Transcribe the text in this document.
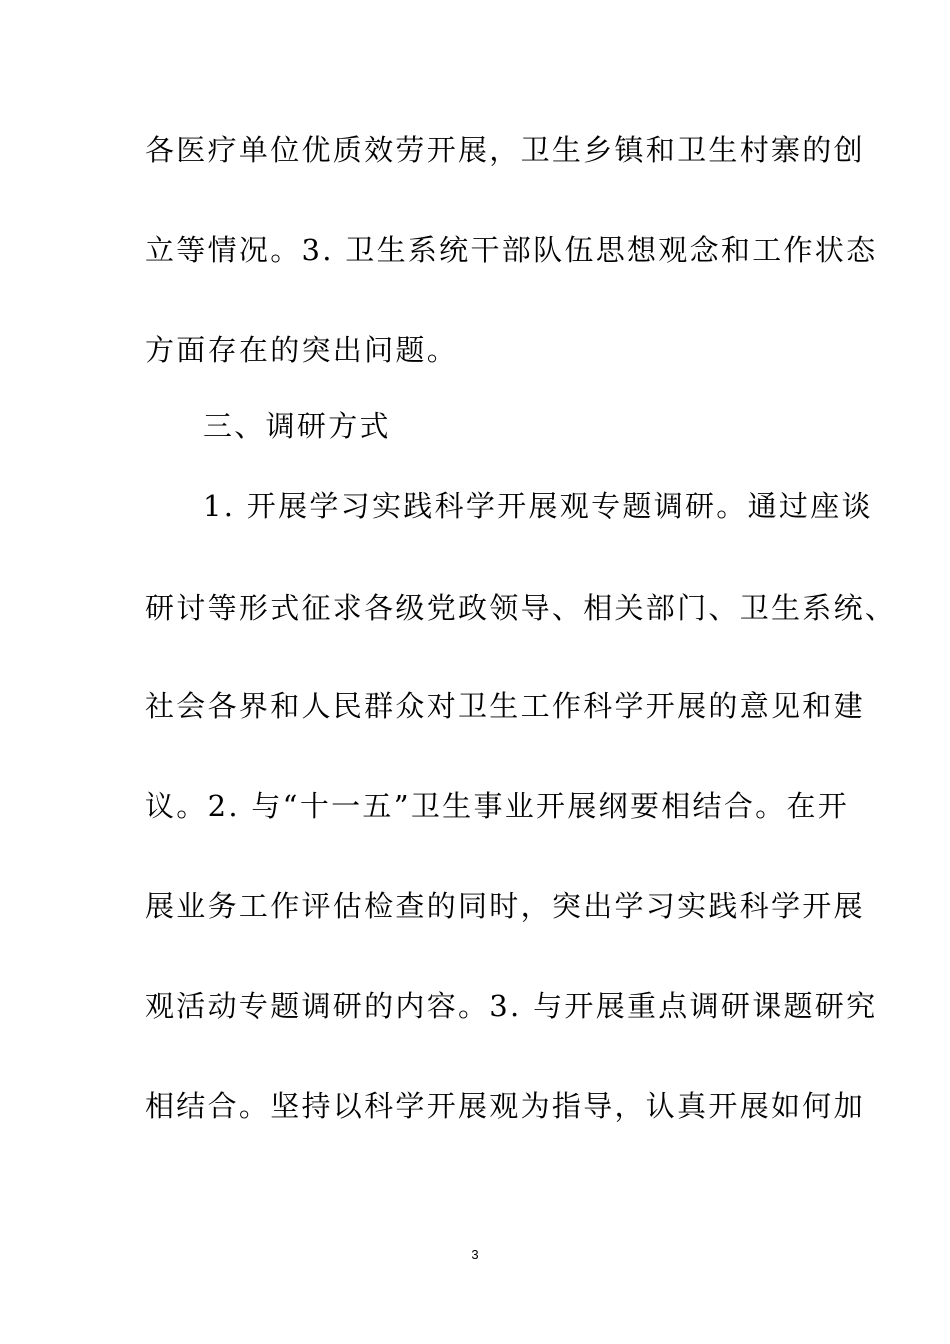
各医疗单位优质效劳开展，卫生乡镇和卫生村寨的创
立等情况。3. 卫生系统干部队伍思想观念和工作状态
方面存在的突出问题。
三、调研方式
1. 开展学习实践科学开展观专题调研。通过座谈
研讨等形式征求各级党政领导、相关部门、卫生系统、
社会各界和人民群众对卫生工作科学开展的意见和建
议。2. 与“十一五”卫生事业开展纲要相结合。在开
展业务工作评估检查的同时，突出学习实践科学开展
观活动专题调研的内容。3. 与开展重点调研课题研究
相结合。坚持以科学开展观为指导，认真开展如何加
3
